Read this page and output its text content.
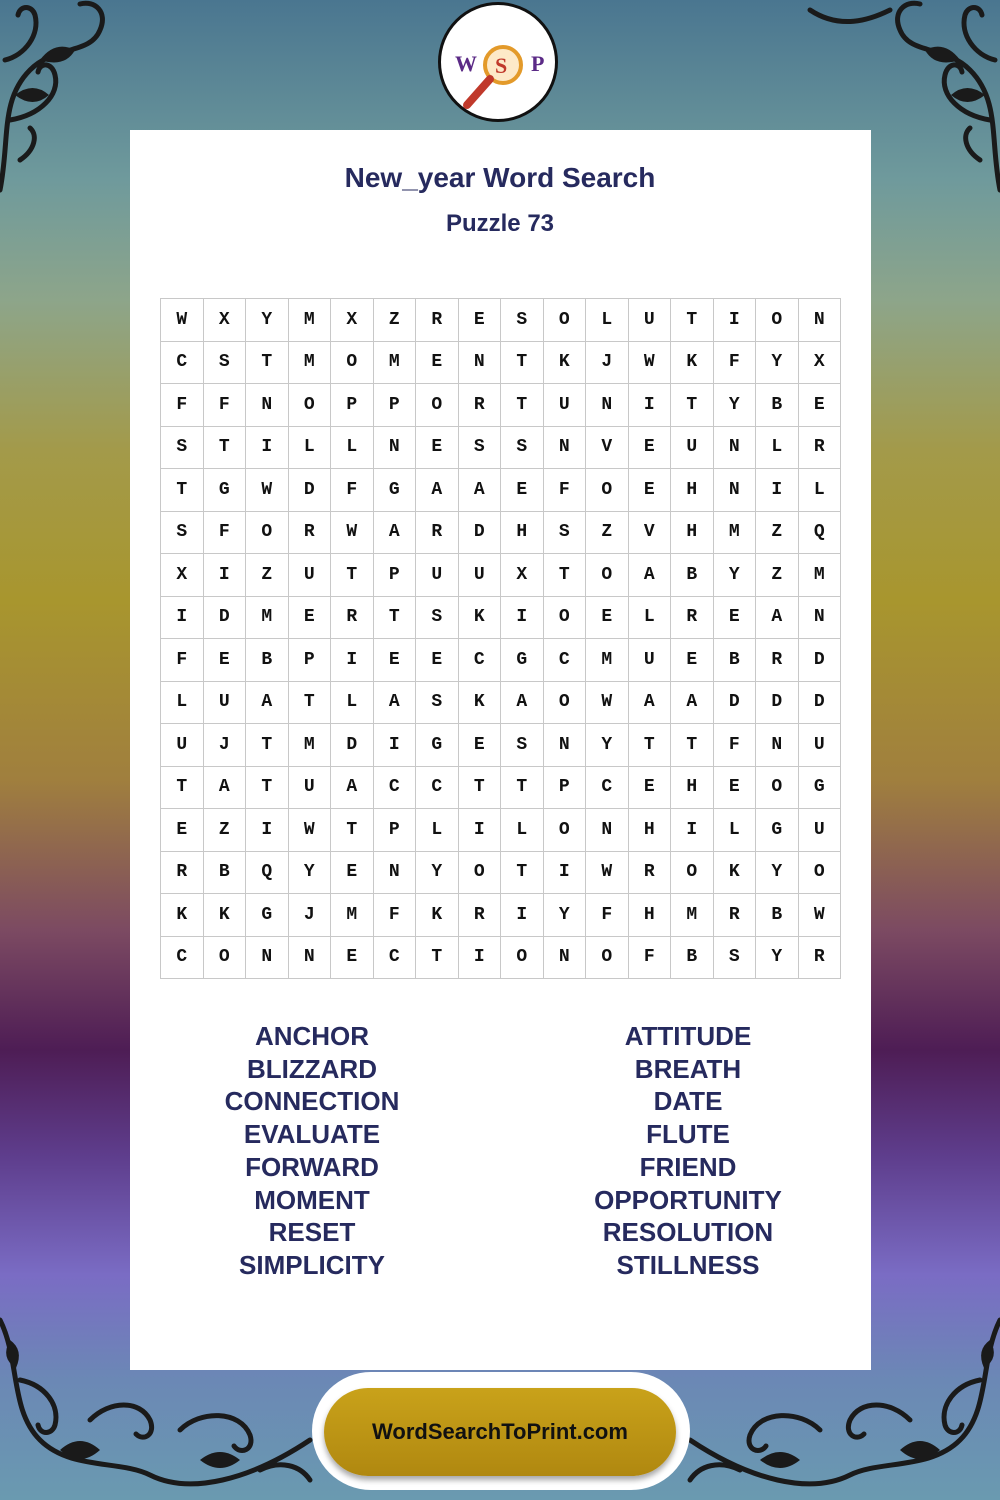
W S P
New_year Word Search
Puzzle 73
W	X	Y	M	X	Z	R	E	S	O	L	U	T	I	O	N
C	S	T	M	O	M	E	N	T	K	J	W	K	F	Y	X
F	F	N	O	P	P	O	R	T	U	N	I	T	Y	B	E
S	T	I	L	L	N	E	S	S	N	V	E	U	N	L	R
T	G	W	D	F	G	A	A	E	F	O	E	H	N	I	L
S	F	O	R	W	A	R	D	H	S	Z	V	H	M	Z	Q
X	I	Z	U	T	P	U	U	X	T	O	A	B	Y	Z	M
I	D	M	E	R	T	S	K	I	O	E	L	R	E	A	N
F	E	B	P	I	E	E	C	G	C	M	U	E	B	R	D
L	U	A	T	L	A	S	K	A	O	W	A	A	D	D	D
U	J	T	M	D	I	G	E	S	N	Y	T	T	F	N	U
T	A	T	U	A	C	C	T	T	P	C	E	H	E	O	G
E	Z	I	W	T	P	L	I	L	O	N	H	I	L	G	U
R	B	Q	Y	E	N	Y	O	T	I	W	R	O	K	Y	O
K	K	G	J	M	F	K	R	I	Y	F	H	M	R	B	W
C	O	N	N	E	C	T	I	O	N	O	F	B	S	Y	R
ANCHOR
BLIZZARD
CONNECTION
EVALUATE
FORWARD
MOMENT
RESET
SIMPLICITY
ATTITUDE
BREATH
DATE
FLUTE
FRIEND
OPPORTUNITY
RESOLUTION
STILLNESS
WordSearchToPrint.com
